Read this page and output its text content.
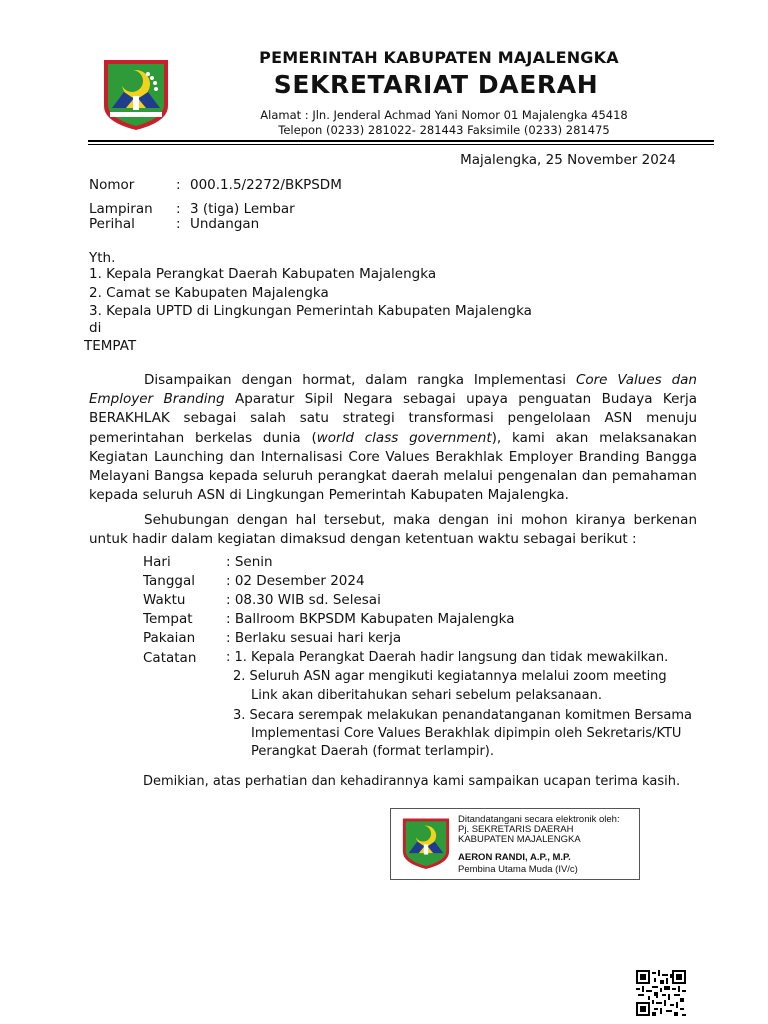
PEMERINTAH KABUPATEN MAJALENGKA
SEKRETARIAT DAERAH
Alamat : Jln. Jenderal Achmad Yani Nomor 01 Majalengka 45418
Telepon (0233) 281022- 281443 Faksimile (0233) 281475
Majalengka, 25 November 2024
Nomor	: 000.1.5/2272/BKPSDM
Lampiran : 3 (tiga) Lembar
Perihal	: Undangan
Yth.
1. Kepala Perangkat Daerah Kabupaten Majalengka
2. Camat se Kabupaten Majalengka
3. Kepala UPTD di Lingkungan Pemerintah Kabupaten Majalengka
di
TEMPAT
Disampaikan dengan hormat, dalam rangka Implementasi Core Values dan Employer Branding Aparatur Sipil Negara sebagai upaya penguatan Budaya Kerja BERAKHLAK sebagai salah satu strategi transformasi pengelolaan ASN menuju pemerintahan berkelas dunia (world class government), kami akan melaksanakan Kegiatan Launching dan Internalisasi Core Values Berakhlak Employer Branding Bangga Melayani Bangsa kepada seluruh perangkat daerah melalui pengenalan dan pemahaman kepada seluruh ASN di Lingkungan Pemerintah Kabupaten Majalengka.
Sehubungan dengan hal tersebut, maka dengan ini mohon kiranya berkenan untuk hadir dalam kegiatan dimaksud dengan ketentuan waktu sebagai berikut :
Hari	: Senin
Tanggal : 02 Desember 2024
Waktu	: 08.30 WIB sd. Selesai
Tempat : Ballroom BKPSDM Kabupaten Majalengka
Pakaian : Berlaku sesuai hari kerja
Catatan : 1. Kepala Perangkat Daerah hadir langsung dan tidak mewakilkan.
2. Seluruh ASN agar mengikuti kegiatannya melalui zoom meeting
Link akan diberitahukan sehari sebelum pelaksanaan.
3. Secara serempak melakukan penandatanganan komitmen Bersama
Implementasi Core Values Berakhlak dipimpin oleh Sekretaris/KTU
Perangkat Daerah (format terlampir).
Demikian, atas perhatian dan kehadirannya kami sampaikan ucapan terima kasih.
Ditandatangani secara elektronik oleh:
Pj. SEKRETARIS DAERAH
KABUPATEN MAJALENGKA
AERON RANDI, A.P., M.P.
Pembina Utama Muda (IV/c)
